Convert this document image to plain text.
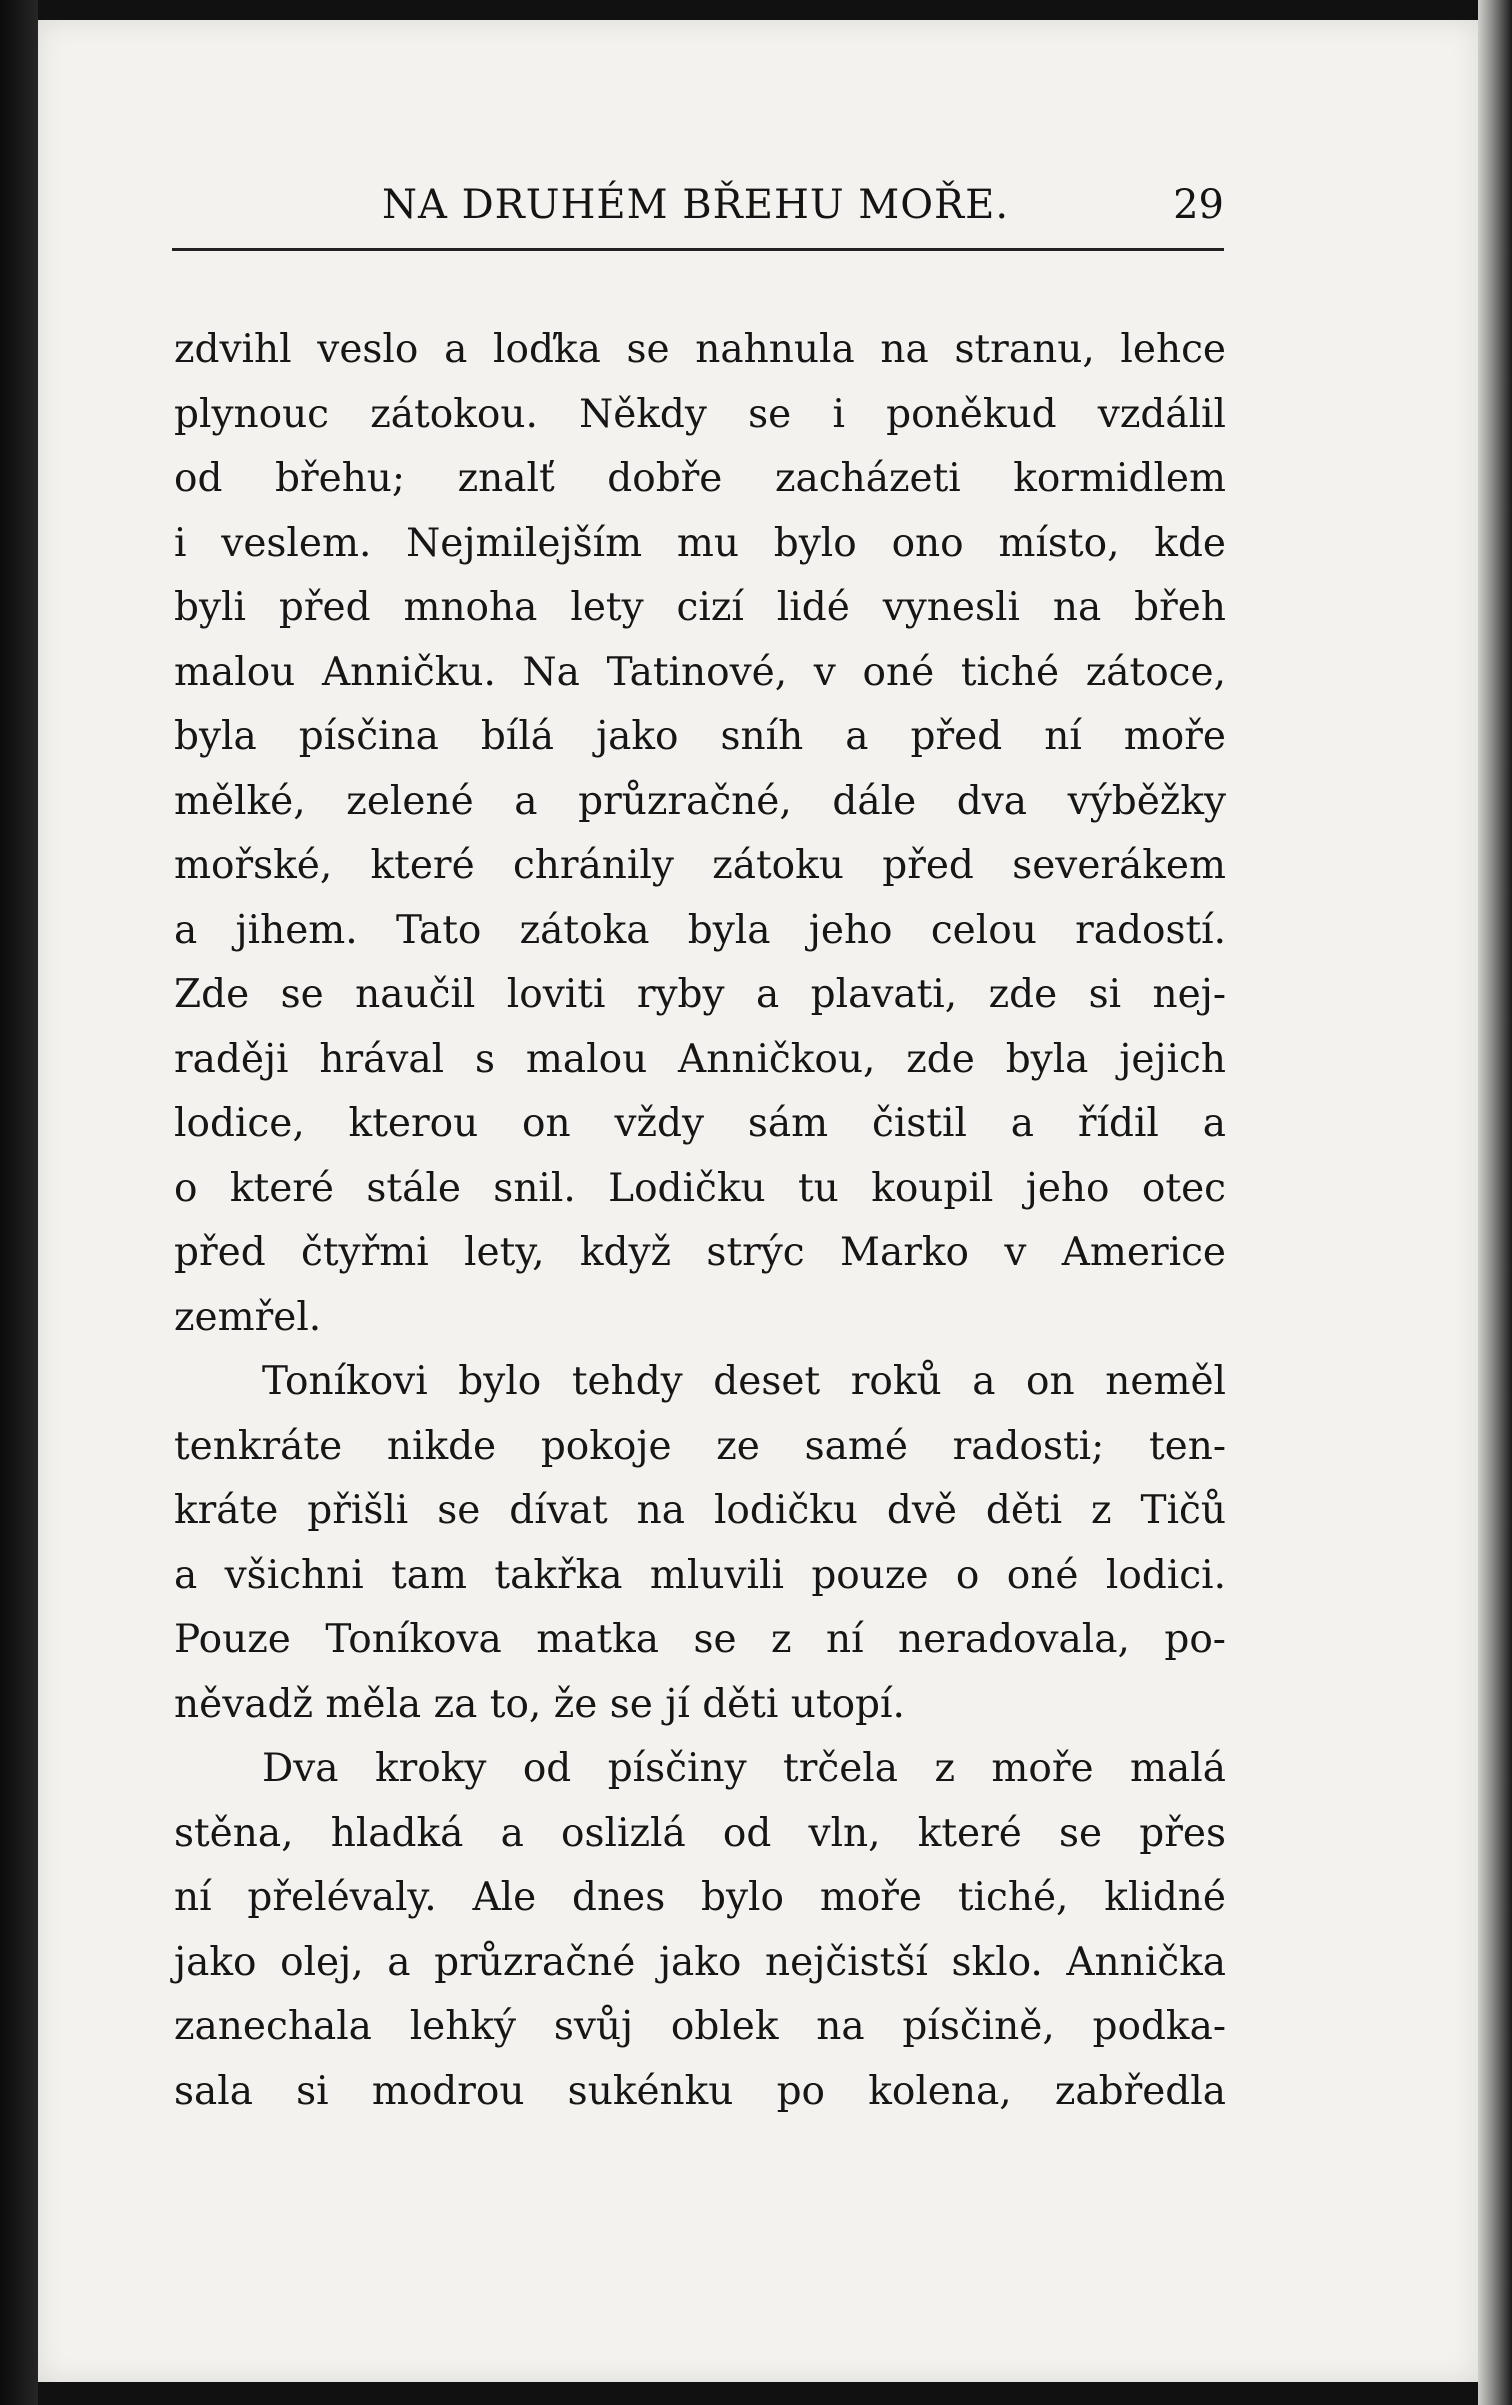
NA DRUHÉM BŘEHU MOŘE.	29
zdvihl veslo a loďka se nahnula na stranu, lehce
plynouc zátokou. Někdy se i poněkud vzdálil
od břehu; znalť dobře zacházeti kormidlem
i veslem. Nejmilejším mu bylo ono místo, kde
byli před mnoha lety cizí lidé vynesli na břeh
malou Anničku. Na Tatinové, v oné tiché zátoce,
byla písčina bílá jako sníh a před ní moře
mělké, zelené a průzračné, dále dva výběžky
mořské, které chránily zátoku před severákem
a jihem. Tato zátoka byla jeho celou radostí.
Zde se naučil loviti ryby a plavati, zde si nej-
raději hrával s malou Anničkou, zde byla jejich
lodice, kterou on vždy sám čistil a řídil a
o které stále snil. Lodičku tu koupil jeho otec
před čtyřmi lety, když strýc Marko v Americe
zemřel.
Toníkovi bylo tehdy deset roků a on neměl
tenkráte nikde pokoje ze samé radosti; ten-
kráte přišli se dívat na lodičku dvě děti z Tičů
a všichni tam takřka mluvili pouze o oné lodici.
Pouze Toníkova matka se z ní neradovala, po-
něvadž měla za to, že se jí děti utopí.
Dva kroky od písčiny trčela z moře malá
stěna, hladká a oslizlá od vln, které se přes
ní přelévaly. Ale dnes bylo moře tiché, klidné
jako olej, a průzračné jako nejčistší sklo. Annička
zanechala lehký svůj oblek na písčině, podka-
sala si modrou sukénku po kolena, zabředla
